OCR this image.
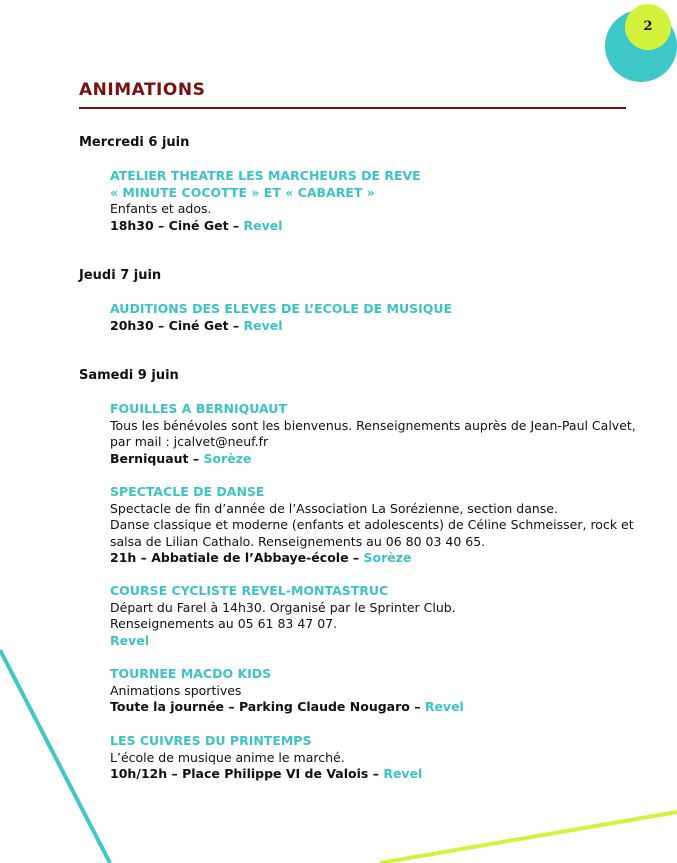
2
ANIMATIONS
Mercredi 6 juin
ATELIER THEATRE LES MARCHEURS DE REVE
« MINUTE COCOTTE » ET « CABARET »
Enfants et ados.
18h30 – Ciné Get – Revel
Jeudi 7 juin
AUDITIONS DES ELEVES DE L’ECOLE DE MUSIQUE
20h30 – Ciné Get – Revel
Samedi 9 juin
FOUILLES A BERNIQUAUT
Tous les bénévoles sont les bienvenus. Renseignements auprès de Jean-Paul Calvet,
par mail : jcalvet@neuf.fr
Berniquaut – Sorèze
SPECTACLE DE DANSE
Spectacle de fin d’année de l’Association La Sorézienne, section danse.
Danse classique et moderne (enfants et adolescents) de Céline Schmeisser, rock et
salsa de Lilian Cathalo. Renseignements au 06 80 03 40 65.
21h – Abbatiale de l’Abbaye-école – Sorèze
COURSE CYCLISTE REVEL-MONTASTRUC
Départ du Farel à 14h30. Organisé par le Sprinter Club.
Renseignements au 05 61 83 47 07.
Revel
TOURNEE MACDO KIDS
Animations sportives
Toute la journée – Parking Claude Nougaro – Revel
LES CUIVRES DU PRINTEMPS
L’école de musique anime le marché.
10h/12h – Place Philippe VI de Valois – Revel
